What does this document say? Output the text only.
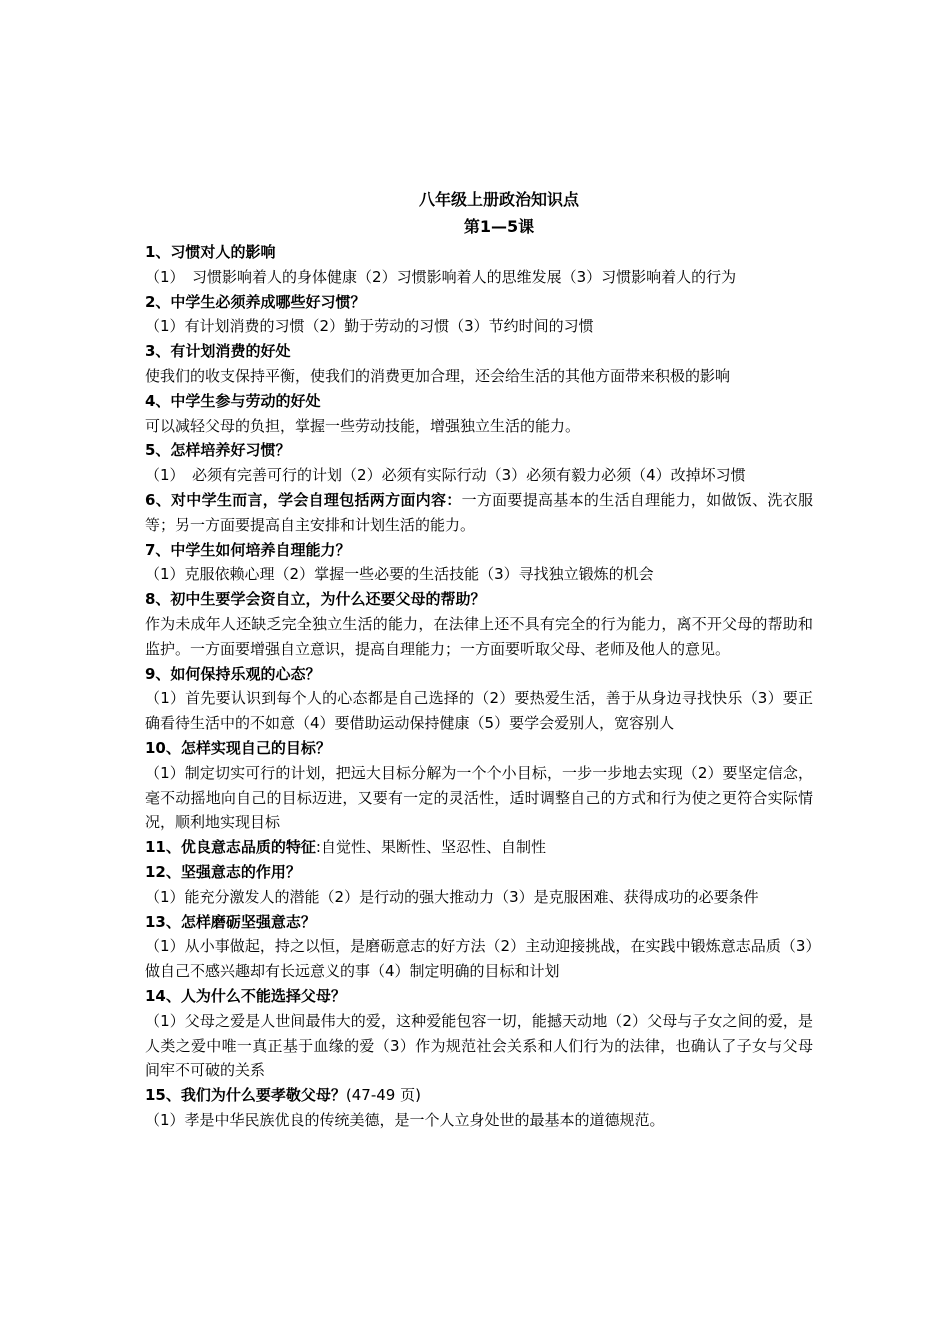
八年级上册政治知识点

第1—5课

1、习惯对人的影响

（1）　习惯影响着人的身体健康（2）习惯影响着人的思维发展（3）习惯影响着人的行为

2、中学生必须养成哪些好习惯？

（1）有计划消费的习惯（2）勤于劳动的习惯（3）节约时间的习惯

3、有计划消费的好处

使我们的收支保持平衡，使我们的消费更加合理，还会给生活的其他方面带来积极的影响

4、中学生参与劳动的好处

可以减轻父母的负担，掌握一些劳动技能，增强独立生活的能力。

5、怎样培养好习惯？

（1）　必须有完善可行的计划（2）必须有实际行动（3）必须有毅力必须（4）改掉坏习惯

6、对中学生而言，学会自理包括两方面内容：一方面要提高基本的生活自理能力，如做饭、洗衣服等；另一方面要提高自主安排和计划生活的能力。

7、中学生如何培养自理能力？

（1）克服依赖心理（2）掌握一些必要的生活技能（3）寻找独立锻炼的机会

8、初中生要学会资自立，为什么还要父母的帮助？

作为未成年人还缺乏完全独立生活的能力，在法律上还不具有完全的行为能力，离不开父母的帮助和监护。一方面要增强自立意识，提高自理能力；一方面要听取父母、老师及他人的意见。

9、如何保持乐观的心态？

（1）首先要认识到每个人的心态都是自己选择的（2）要热爱生活，善于从身边寻找快乐（3）要正确看待生活中的不如意（4）要借助运动保持健康（5）要学会爱别人，宽容别人

10、怎样实现自己的目标？

（1）制定切实可行的计划，把远大目标分解为一个个小目标，一步一步地去实现（2）要坚定信念，毫不动摇地向自己的目标迈进，又要有一定的灵活性，适时调整自己的方式和行为使之更符合实际情况，顺利地实现目标

11、优良意志品质的特征:自觉性、果断性、坚忍性、自制性

12、坚强意志的作用？

（1）能充分激发人的潜能（2）是行动的强大推动力（3）是克服困难、获得成功的必要条件

13、怎样磨砺坚强意志？

（1）从小事做起，持之以恒，是磨砺意志的好方法（2）主动迎接挑战，在实践中锻炼意志品质（3）做自己不感兴趣却有长远意义的事（4）制定明确的目标和计划

14、人为什么不能选择父母？

（1）父母之爱是人世间最伟大的爱，这种爱能包容一切，能撼天动地（2）父母与子女之间的爱，是人类之爱中唯一真正基于血缘的爱（3）作为规范社会关系和人们行为的法律，也确认了子女与父母间牢不可破的关系

15、我们为什么要孝敬父母？(47-49 页)

（1）孝是中华民族优良的传统美德，是一个人立身处世的最基本的道德规范。
